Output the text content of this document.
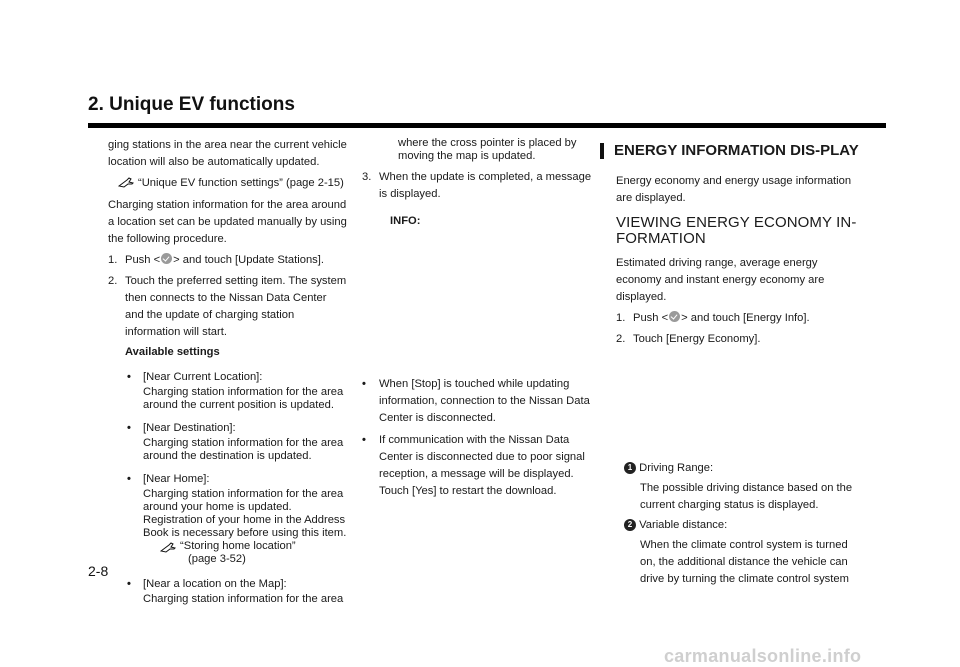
2. Unique EV functions

ging stations in the area near the current vehicle location will also be automatically updated.

“Unique EV function settings” (page 2-15)

Charging station information for the area around a location set can be updated manually by using the following procedure.

1. Push < > and touch [Update Stations].
2. Touch the preferred setting item. The system then connects to the Nissan Data Center and the update of charging station information will start.
Available settings
• [Near Current Location]:
Charging station information for the area around the current position is updated.
• [Near Destination]:
Charging station information for the area around the destination is updated.
• [Near Home]:
Charging station information for the area around your home is updated. Registration of your home in the Address Book is necessary before using this item.
“Storing home location”
(page 3-52)
• [Near a location on the Map]:
Charging station information for the area
where the cross pointer is placed by moving the map is updated.
3. When the update is completed, a message is displayed.
INFO:
• When [Stop] is touched while updating information, connection to the Nissan Data Center is disconnected.
• If communication with the Nissan Data Center is disconnected due to poor signal reception, a message will be displayed. Touch [Yes] to restart the download.
ENERGY INFORMATION DIS-PLAY

Energy economy and energy usage information are displayed.

VIEWING ENERGY ECONOMY IN-FORMATION

Estimated driving range, average energy economy and instant energy economy are displayed.

1. Push < > and touch [Energy Info].
2. Touch [Energy Economy].
1 Driving Range:
The possible driving distance based on the current charging status is displayed.
2 Variable distance:
When the climate control system is turned on, the additional distance the vehicle can drive by turning the climate control system
2-8
carmanualsonline.info
